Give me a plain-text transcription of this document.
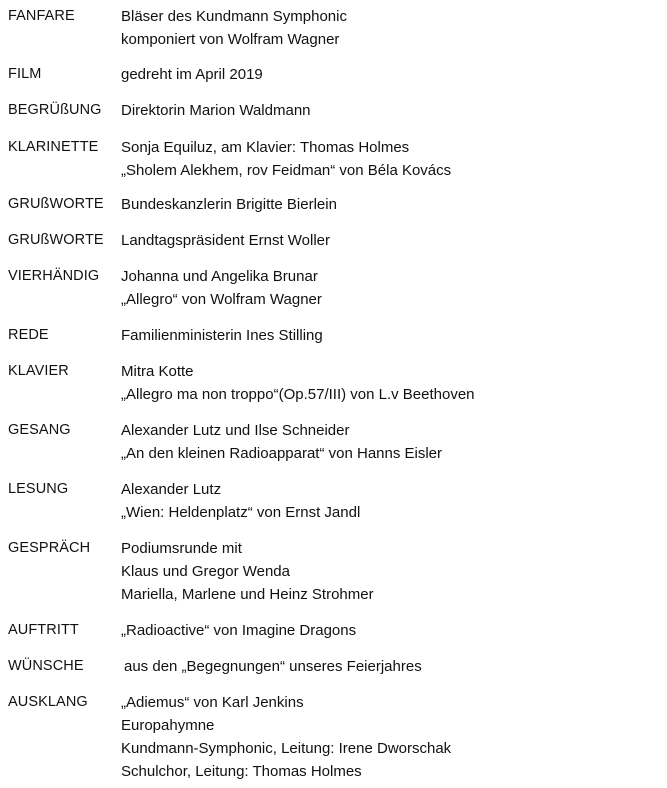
FANFARE	Bläser des Kundmann Symphonic
komponiert von Wolfram Wagner
FILM	gedreht im April 2019
BEGRÜßUNG Direktorin Marion Waldmann
KLARINETTE Sonja Equiluz, am Klavier: Thomas Holmes
„Sholem Alekhem, rov Feidman“ von Béla Kovács
GRUßWORTE Bundeskanzlerin Brigitte Bierlein
GRUßWORTE Landtagspräsident Ernst Woller
VIERHÄNDIG Johanna und Angelika Brunar
„Allegro“ von Wolfram Wagner
REDE	Familienministerin Ines Stilling
KLAVIER	Mitra Kotte
„Allegro ma non troppo“(Op.57/III) von L.v Beethoven
GESANG	Alexander Lutz und Ilse Schneider
„An den kleinen Radioapparat“ von Hanns Eisler
LESUNG	Alexander Lutz
„Wien: Heldenplatz“ von Ernst Jandl
GESPRÄCH Podiumsrunde mit
Klaus und Gregor Wenda
Mariella, Marlene und Heinz Strohmer
AUFTRITT	„Radioactive“ von Imagine Dragons
WÜNSCHE	aus den „Begegnungen“ unseres Feierjahres
AUSKLANG „Adiemus“ von Karl Jenkins
Europahymne
Kundmann-Symphonic, Leitung: Irene Dworschak
Schulchor, Leitung: Thomas Holmes
